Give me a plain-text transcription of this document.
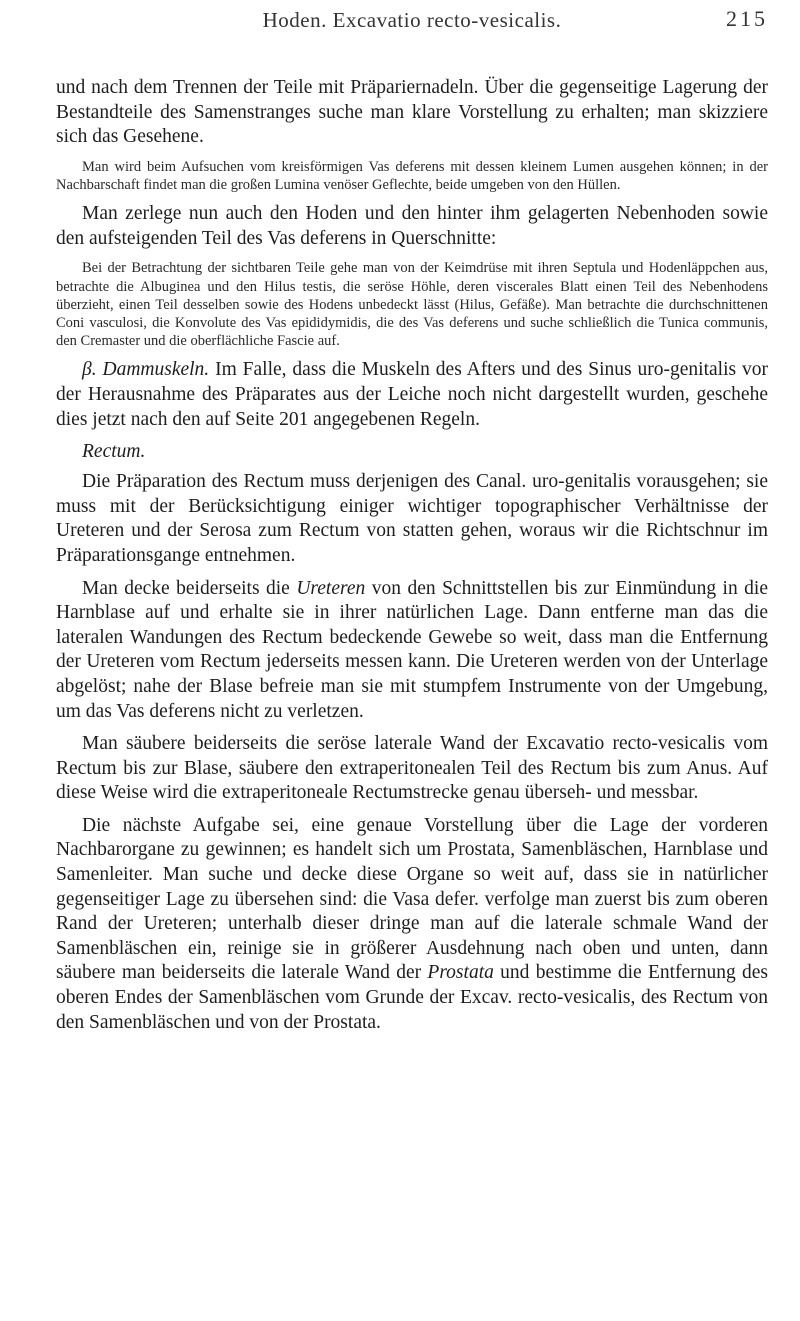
Hoden. Excavatio recto-vesicalis.	215

und nach dem Trennen der Teile mit Präpariernadeln. Über die gegenseitige Lagerung der Bestandteile des Samenstranges suche man klare Vorstellung zu erhalten; man skizziere sich das Gesehene.

Man wird beim Aufsuchen vom kreisförmigen Vas deferens mit dessen kleinem Lumen ausgehen können; in der Nachbarschaft findet man die großen Lumina venöser Geflechte, beide umgeben von den Hüllen.

Man zerlege nun auch den Hoden und den hinter ihm gelagerten Nebenhoden sowie den aufsteigenden Teil des Vas deferens in Querschnitte:

Bei der Betrachtung der sichtbaren Teile gehe man von der Keimdrüse mit ihren Septula und Hodenläppchen aus, betrachte die Albuginea und den Hilus testis, die seröse Höhle, deren viscerales Blatt einen Teil des Nebenhodens überzieht, einen Teil desselben sowie des Hodens unbedeckt lässt (Hilus, Gefäße). Man betrachte die durchschnittenen Coni vasculosi, die Konvolute des Vas epididymidis, die des Vas deferens und suche schließlich die Tunica communis, den Cremaster und die oberflächliche Fascie auf.

β. Dammuskeln. Im Falle, dass die Muskeln des Afters und des Sinus uro-genitalis vor der Herausnahme des Präparates aus der Leiche noch nicht dargestellt wurden, geschehe dies jetzt nach den auf Seite 201 angegebenen Regeln.

Rectum.

Die Präparation des Rectum muss derjenigen des Canal. uro-genitalis vorausgehen; sie muss mit der Berücksichtigung einiger wichtiger topographischer Verhältnisse der Ureteren und der Serosa zum Rectum von statten gehen, woraus wir die Richtschnur im Präparationsgange entnehmen.

Man decke beiderseits die Ureteren von den Schnittstellen bis zur Einmündung in die Harnblase auf und erhalte sie in ihrer natürlichen Lage. Dann entferne man das die lateralen Wandungen des Rectum bedeckende Gewebe so weit, dass man die Entfernung der Ureteren vom Rectum jederseits messen kann. Die Ureteren werden von der Unterlage abgelöst; nahe der Blase befreie man sie mit stumpfem Instrumente von der Umgebung, um das Vas deferens nicht zu verletzen.

Man säubere beiderseits die seröse laterale Wand der Excavatio recto-vesicalis vom Rectum bis zur Blase, säubere den extraperitonealen Teil des Rectum bis zum Anus. Auf diese Weise wird die extraperitoneale Rectumstrecke genau überseh- und messbar.

Die nächste Aufgabe sei, eine genaue Vorstellung über die Lage der vorderen Nachbarorgane zu gewinnen; es handelt sich um Prostata, Samenbläschen, Harnblase und Samenleiter. Man suche und decke diese Organe so weit auf, dass sie in natürlicher gegenseitiger Lage zu übersehen sind: die Vasa defer. verfolge man zuerst bis zum oberen Rand der Ureteren; unterhalb dieser dringe man auf die laterale schmale Wand der Samenbläschen ein, reinige sie in größerer Ausdehnung nach oben und unten, dann säubere man beiderseits die laterale Wand der Prostata und bestimme die Entfernung des oberen Endes der Samenbläschen vom Grunde der Excav. recto-vesicalis, des Rectum von den Samenbläschen und von der Prostata.
